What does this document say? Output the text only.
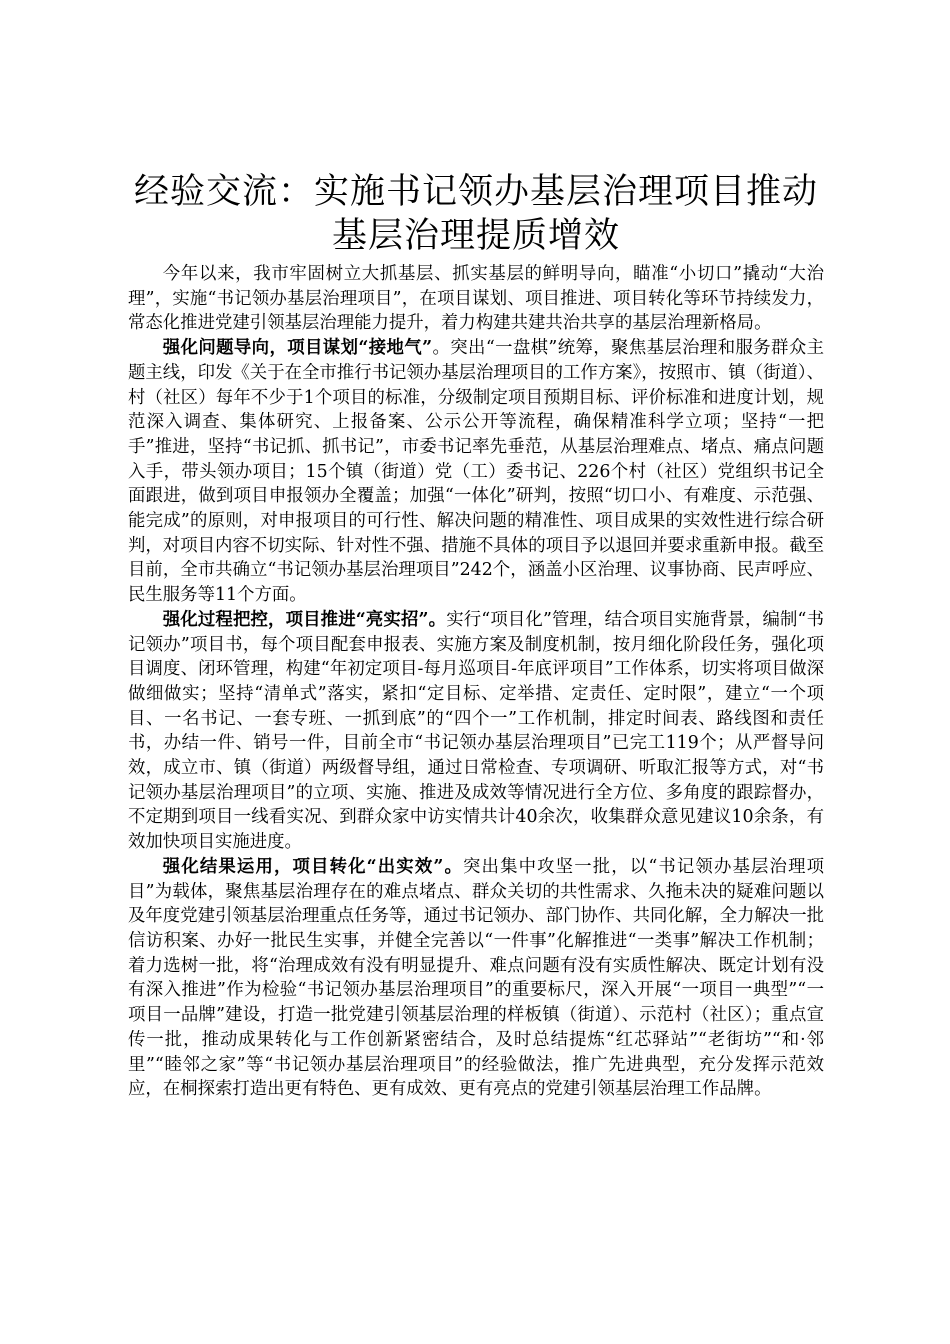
经验交流：实施书记领办基层治理项目推动基层治理提质增效

今年以来，我市牢固树立大抓基层、抓实基层的鲜明导向，瞄准“小切口”撬动“大治理”，实施“书记领办基层治理项目”，在项目谋划、项目推进、项目转化等环节持续发力，常态化推进党建引领基层治理能力提升，着力构建共建共治共享的基层治理新格局。

强化问题导向，项目谋划“接地气”。突出“一盘棋”统筹，聚焦基层治理和服务群众主题主线，印发《关于在全市推行书记领办基层治理项目的工作方案》，按照市、镇（街道）、村（社区）每年不少于1个项目的标准，分级制定项目预期目标、评价标准和进度计划，规范深入调查、集体研究、上报备案、公示公开等流程，确保精准科学立项；坚持“一把手”推进，坚持“书记抓、抓书记”，市委书记率先垂范，从基层治理难点、堵点、痛点问题入手，带头领办项目；15个镇（街道）党（工）委书记、226个村（社区）党组织书记全面跟进，做到项目申报领办全覆盖；加强“一体化”研判，按照“切口小、有难度、示范强、能完成”的原则，对申报项目的可行性、解决问题的精准性、项目成果的实效性进行综合研判，对项目内容不切实际、针对性不强、措施不具体的项目予以退回并要求重新申报。截至目前，全市共确立“书记领办基层治理项目”242个，涵盖小区治理、议事协商、民声呼应、民生服务等11个方面。

强化过程把控，项目推进“亮实招”。实行“项目化”管理，结合项目实施背景，编制“书记领办”项目书，每个项目配套申报表、实施方案及制度机制，按月细化阶段任务，强化项目调度、闭环管理，构建“年初定项目-每月巡项目-年底评项目”工作体系，切实将项目做深做细做实；坚持“清单式”落实，紧扣“定目标、定举措、定责任、定时限”，建立“一个项目、一名书记、一套专班、一抓到底”的“四个一”工作机制，排定时间表、路线图和责任书，办结一件、销号一件，目前全市“书记领办基层治理项目”已完工119个；从严督导问效，成立市、镇（街道）两级督导组，通过日常检查、专项调研、听取汇报等方式，对“书记领办基层治理项目”的立项、实施、推进及成效等情况进行全方位、多角度的跟踪督办，不定期到项目一线看实况、到群众家中访实情共计40余次，收集群众意见建议10余条，有效加快项目实施进度。

强化结果运用，项目转化“出实效”。突出集中攻坚一批，以“书记领办基层治理项目”为载体，聚焦基层治理存在的难点堵点、群众关切的共性需求、久拖未决的疑难问题以及年度党建引领基层治理重点任务等，通过书记领办、部门协作、共同化解，全力解决一批信访积案、办好一批民生实事，并健全完善以“一件事”化解推进“一类事”解决工作机制；着力选树一批，将“治理成效有没有明显提升、难点问题有没有实质性解决、既定计划有没有深入推进”作为检验“书记领办基层治理项目”的重要标尺，深入开展“一项目一典型”“一项目一品牌”建设，打造一批党建引领基层治理的样板镇（街道）、示范村（社区）；重点宣传一批，推动成果转化与工作创新紧密结合，及时总结提炼“红芯驿站”“老街坊”“和·邻里”“睦邻之家”等“书记领办基层治理项目”的经验做法，推广先进典型，充分发挥示范效应，在桐探索打造出更有特色、更有成效、更有亮点的党建引领基层治理工作品牌。
